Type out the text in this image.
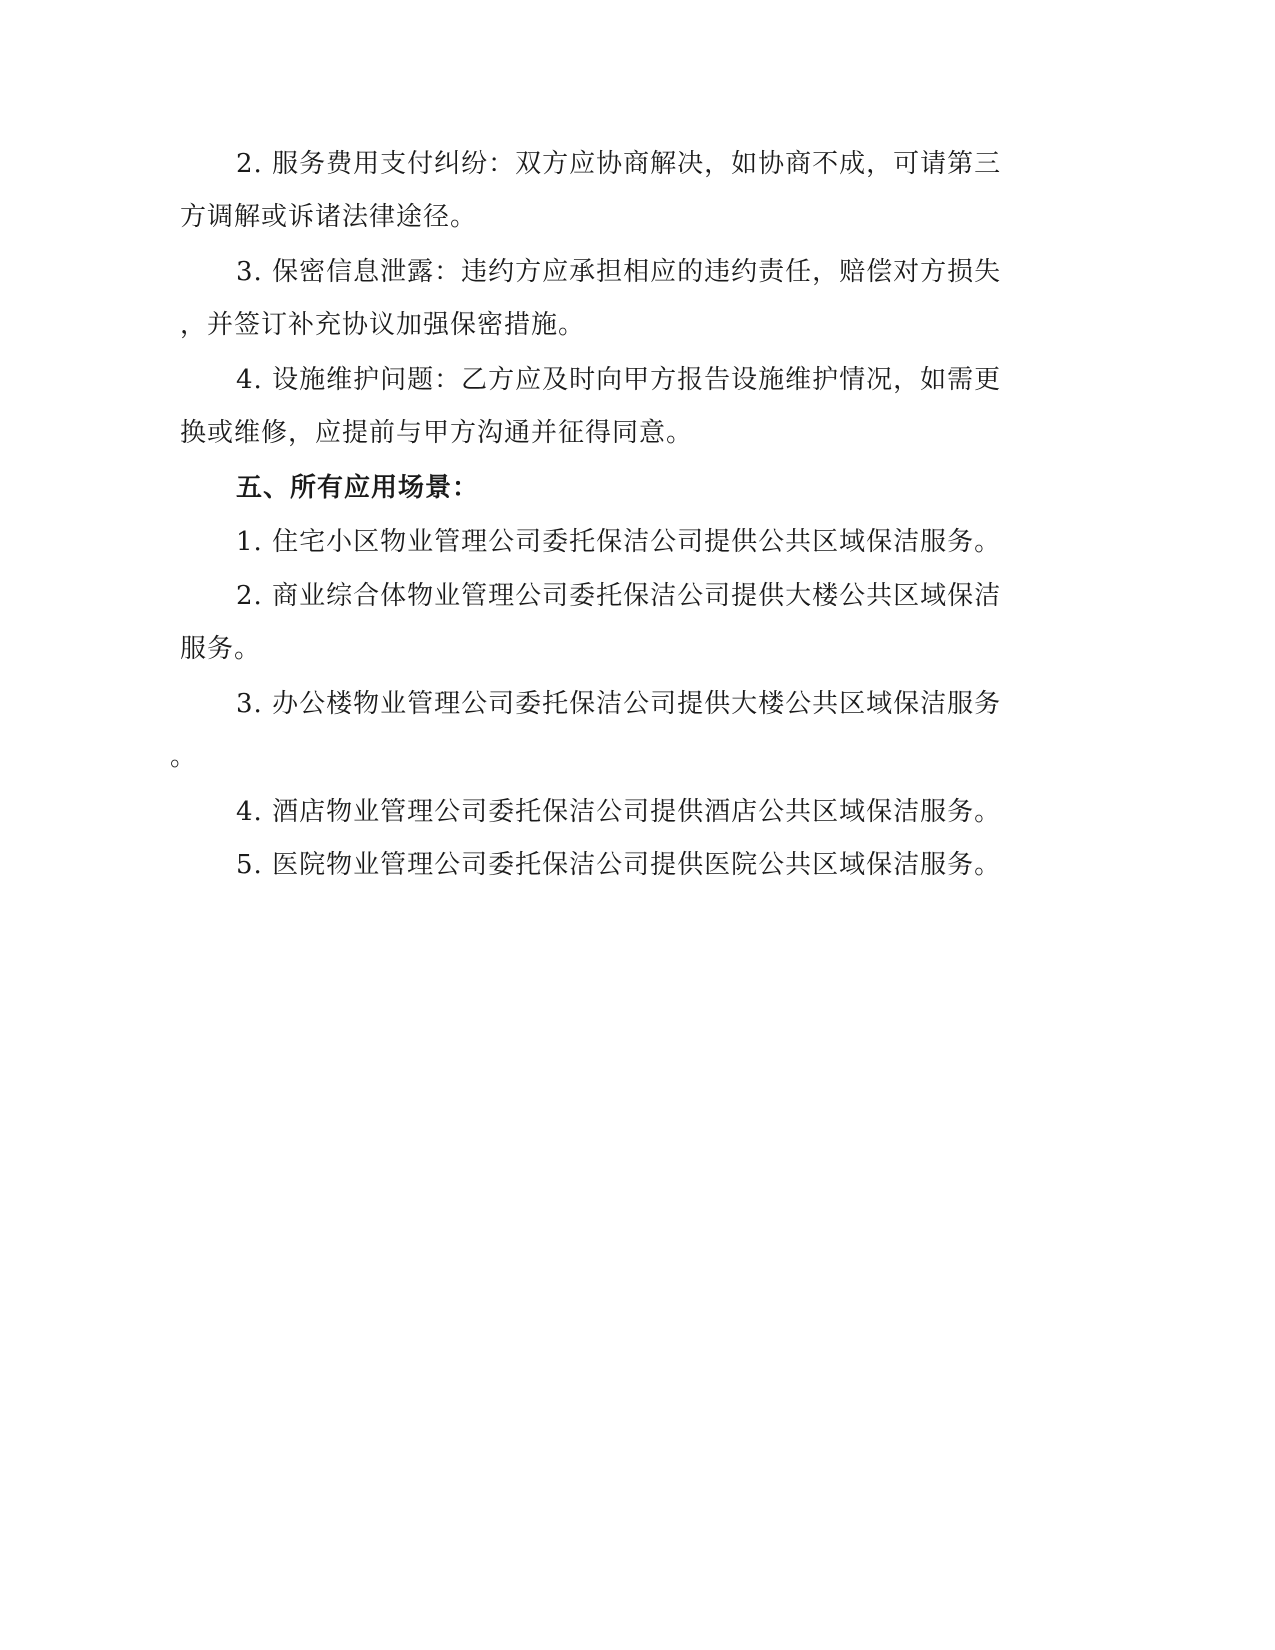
2. 服务费用支付纠纷：双方应协商解决，如协商不成，可请第三
方调解或诉诸法律途径。
3. 保密信息泄露：违约方应承担相应的违约责任，赔偿对方损失
，并签订补充协议加强保密措施。
4. 设施维护问题：乙方应及时向甲方报告设施维护情况，如需更
换或维修，应提前与甲方沟通并征得同意。
五、所有应用场景：
1. 住宅小区物业管理公司委托保洁公司提供公共区域保洁服务。
2. 商业综合体物业管理公司委托保洁公司提供大楼公共区域保洁
服务。
3. 办公楼物业管理公司委托保洁公司提供大楼公共区域保洁服务
。
4. 酒店物业管理公司委托保洁公司提供酒店公共区域保洁服务。
5. 医院物业管理公司委托保洁公司提供医院公共区域保洁服务。
